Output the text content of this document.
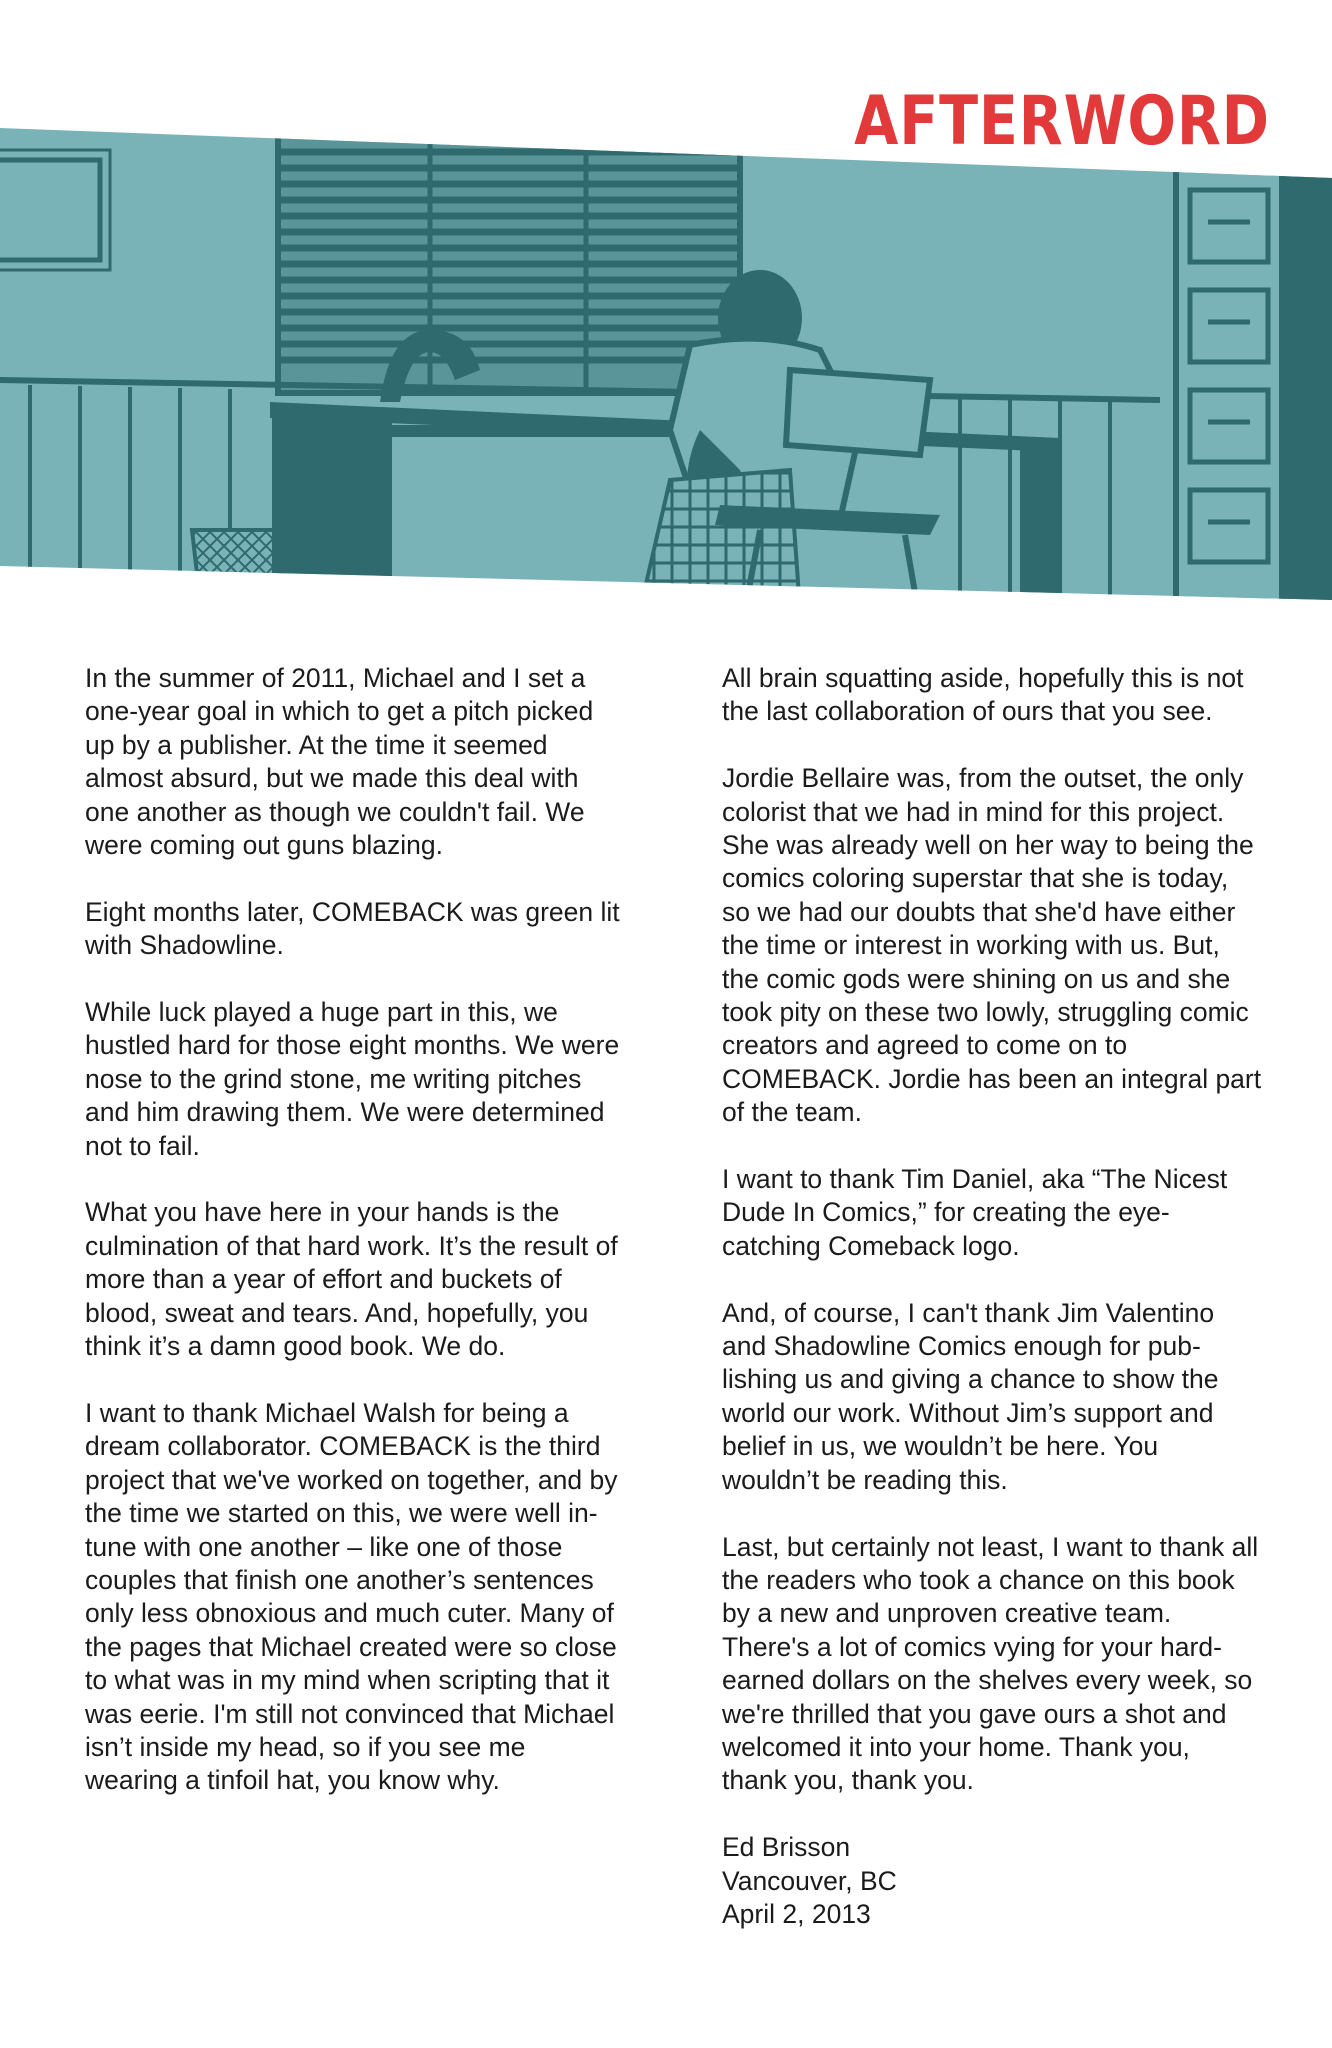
AFTERWORD

In the summer of 2011, Michael and I set a one-year goal in which to get a pitch picked up by a publisher. At the time it seemed almost absurd, but we made this deal with one another as though we couldn't fail. We were coming out guns blazing.

Eight months later, COMEBACK was green lit with Shadowline.

While luck played a huge part in this, we hustled hard for those eight months. We were nose to the grind stone, me writing pitches and him drawing them. We were determined not to fail.

What you have here in your hands is the culmination of that hard work. It’s the result of more than a year of effort and buckets of blood, sweat and tears. And, hopefully, you think it’s a damn good book. We do.

I want to thank Michael Walsh for being a dream collaborator. COMEBACK is the third project that we've worked on together, and by the time we started on this, we were well in-tune with one another – like one of those couples that finish one another’s sentences only less obnoxious and much cuter. Many of the pages that Michael created were so close to what was in my mind when scripting that it was eerie. I'm still not convinced that Michael isn’t inside my head, so if you see me wearing a tinfoil hat, you know why.

All brain squatting aside, hopefully this is not the last collaboration of ours that you see.

Jordie Bellaire was, from the outset, the only colorist that we had in mind for this project. She was already well on her way to being the comics coloring superstar that she is today, so we had our doubts that she'd have either the time or interest in working with us. But, the comic gods were shining on us and she took pity on these two lowly, struggling comic creators and agreed to come on to COMEBACK. Jordie has been an integral part of the team.

I want to thank Tim Daniel, aka “The Nicest Dude In Comics,” for creating the eye-catching Comeback logo.

And, of course, I can't thank Jim Valentino and Shadowline Comics enough for pub-lishing us and giving a chance to show the world our work. Without Jim’s support and belief in us, we wouldn’t be here. You wouldn’t be reading this.

Last, but certainly not least, I want to thank all the readers who took a chance on this book by a new and unproven creative team. There's a lot of comics vying for your hard-earned dollars on the shelves every week, so we're thrilled that you gave ours a shot and welcomed it into your home. Thank you, thank you, thank you.

Ed Brisson

Vancouver, BC

April 2, 2013
